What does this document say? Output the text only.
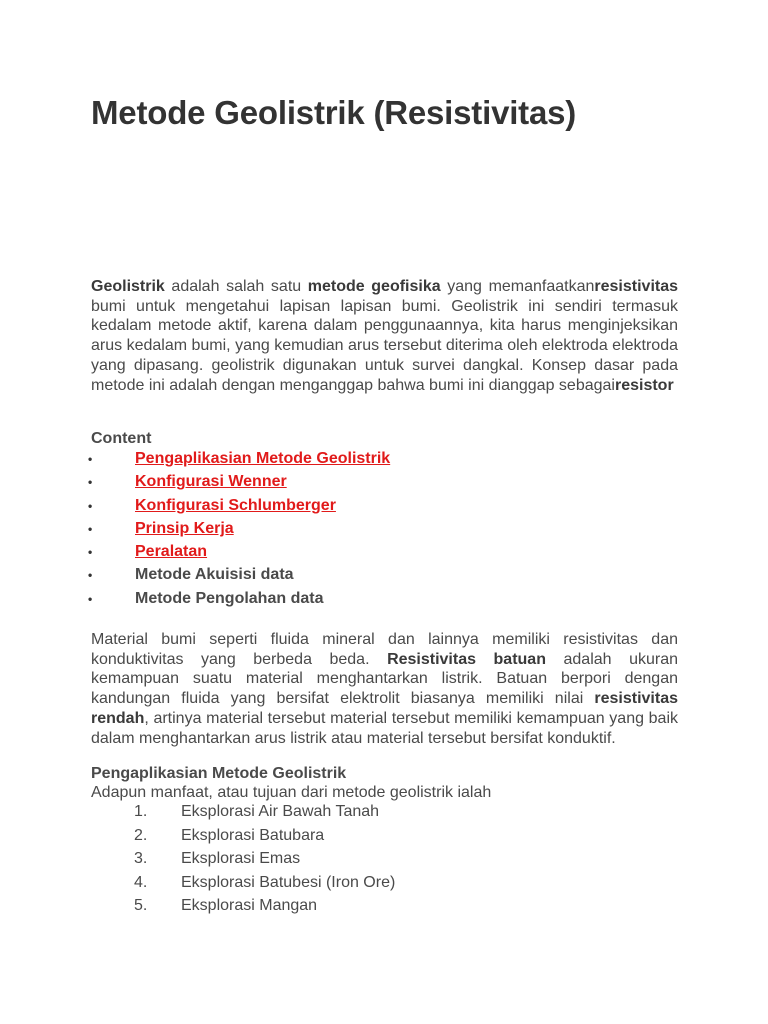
Metode Geolistrik (Resistivitas)

Geolistrik adalah salah satu metode geofisika yang memanfaatkanresistivitas bumi untuk mengetahui lapisan lapisan bumi. Geolistrik ini sendiri termasuk kedalam metode aktif, karena dalam penggunaannya, kita harus menginjeksikan arus kedalam bumi, yang kemudian arus tersebut diterima oleh elektroda elektroda yang dipasang. geolistrik digunakan untuk survei dangkal. Konsep dasar pada metode ini adalah dengan menganggap bahwa bumi ini dianggap sebagairesistor

Content
•	Pengaplikasian Metode Geolistrik
•	Konfigurasi Wenner
•	Konfigurasi Schlumberger
•	Prinsip Kerja
•	Peralatan
•	Metode Akuisisi data
•	Metode Pengolahan data

Material bumi seperti fluida mineral dan lainnya memiliki resistivitas dan konduktivitas yang berbeda beda. Resistivitas batuan adalah ukuran kemampuan suatu material menghantarkan listrik. Batuan berpori dengan kandungan fluida yang bersifat elektrolit biasanya memiliki nilai resistivitas rendah, artinya material tersebut material tersebut memiliki kemampuan yang baik dalam menghantarkan arus listrik atau material tersebut bersifat konduktif.

Pengaplikasian Metode Geolistrik

Adapun manfaat, atau tujuan dari metode geolistrik ialah

1. Eksplorasi Air Bawah Tanah
2. Eksplorasi Batubara
3. Eksplorasi Emas
4. Eksplorasi Batubesi (Iron Ore)
5. Eksplorasi Mangan
